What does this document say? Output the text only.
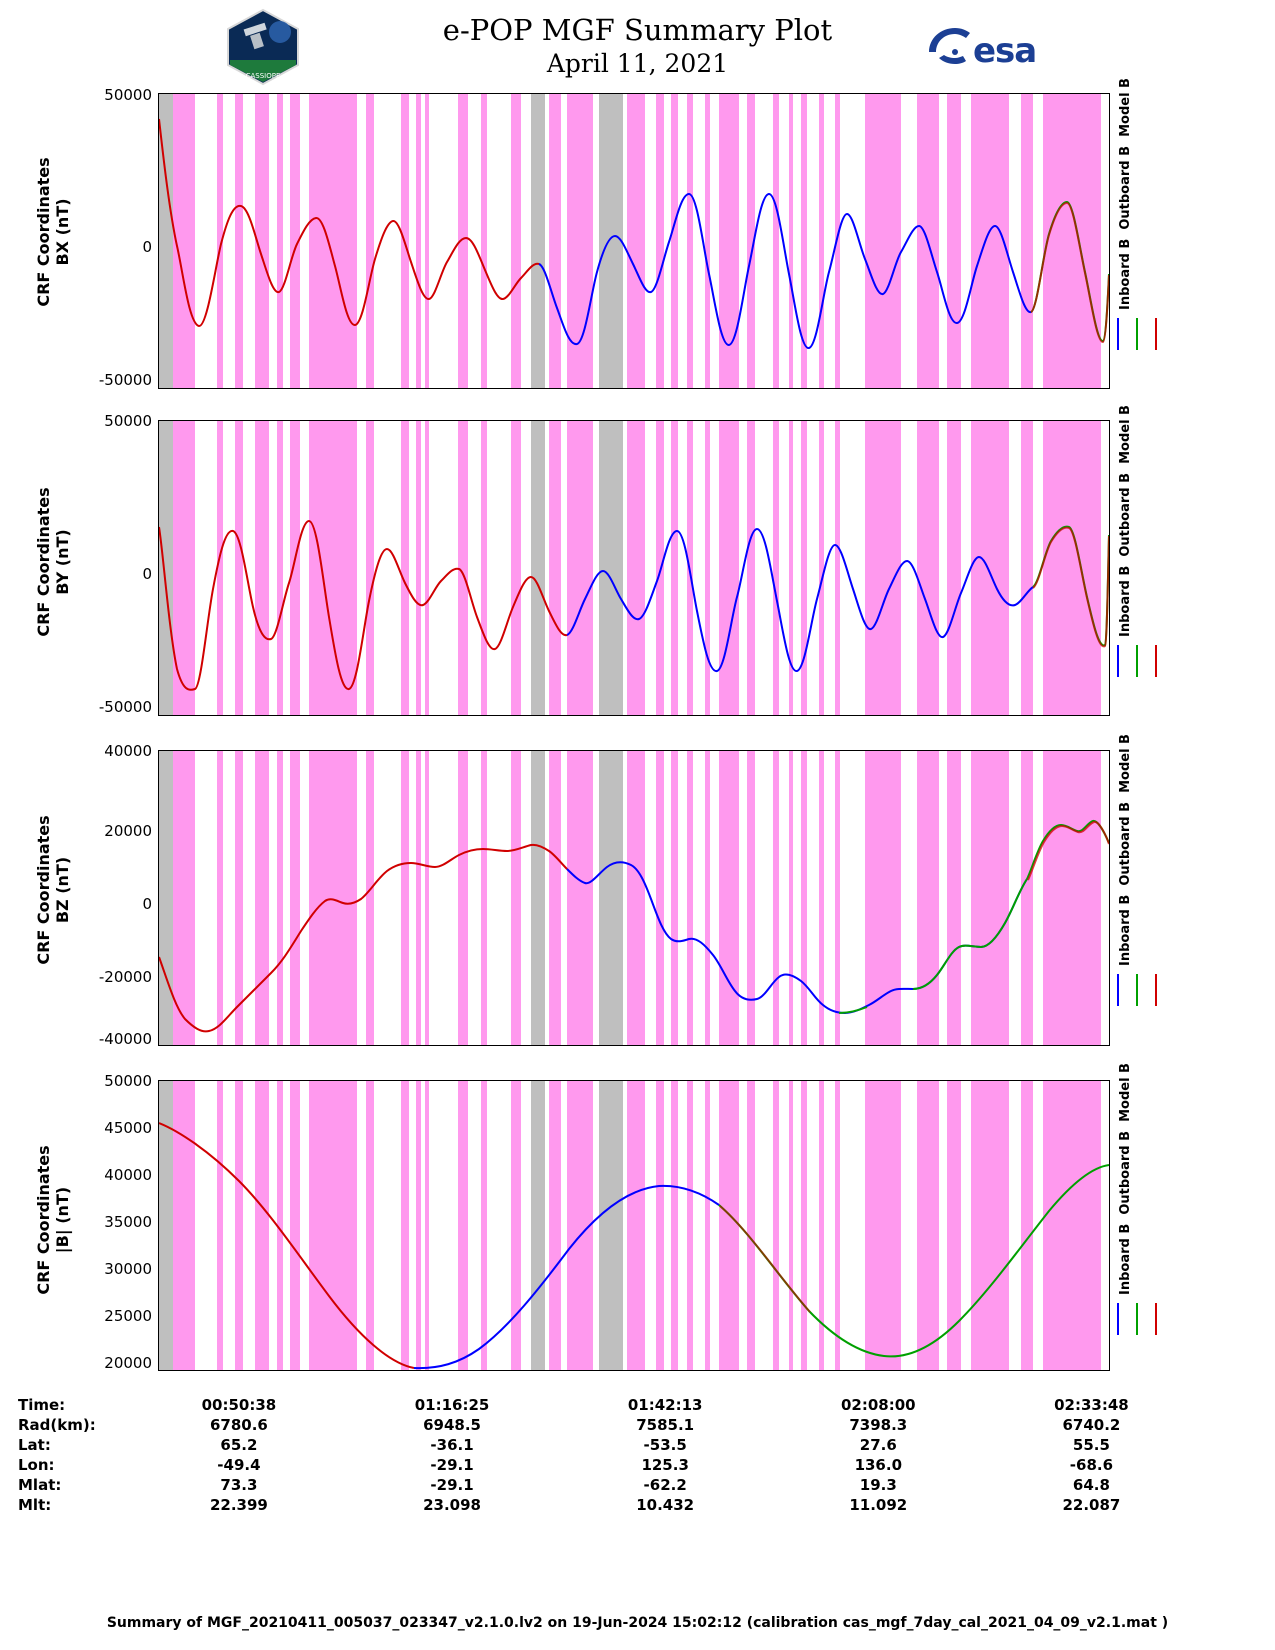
e-POP MGF Summary Plot
April 11, 2021
CASSIOPE
esa
CRF Coordinates
BX (nT)
50000
0
-50000
Inboard B  Outboard B  Model B
CRF Coordinates
BY (nT)
50000
0
-50000
Inboard B  Outboard B  Model B
CRF Coordinates
BZ (nT)
40000
20000
0
-20000
-40000
Inboard B  Outboard B  Model B
CRF Coordinates
|B| (nT)
50000
45000
40000
35000
30000
25000
20000
Inboard B  Outboard B  Model B
Time:	00:50:38	01:16:25	01:42:13	02:08:00	02:33:48
Rad(km):	6780.6	6948.5	7585.1	7398.3	6740.2
Lat:	65.2	-36.1	-53.5	27.6	55.5
Lon:	-49.4	-29.1	125.3	136.0	-68.6
Mlat:	73.3	-29.1	-62.2	19.3	64.8
Mlt:	22.399	23.098	10.432	11.092	22.087
Summary of MGF_20210411_005037_023347_v2.1.0.lv2 on 19-Jun-2024 15:02:12 (calibration cas_mgf_7day_cal_2021_04_09_v2.1.mat )
